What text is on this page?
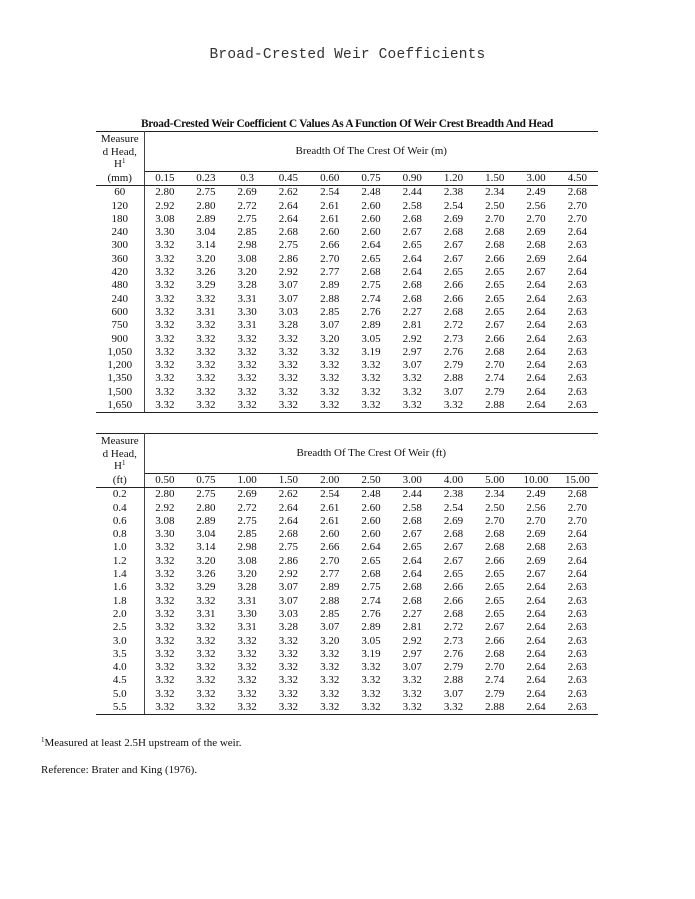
Broad-Crested Weir Coefficients
Broad-Crested Weir Coefficient C Values As A Function Of Weir Crest Breadth And Head
Measure
d Head,
$H^1$	Breadth Of The Crest Of Weir (m)										
(mm)	0.15	0.23	0.3	0.45	0.60	0.75	0.90	1.20	1.50	3.00	4.50
60	2.80	2.75	2.69	2.62	2.54	2.48	2.44	2.38	2.34	2.49	2.68
120	2.92	2.80	2.72	2.64	2.61	2.60	2.58	2.54	2.50	2.56	2.70
180	3.08	2.89	2.75	2.64	2.61	2.60	2.68	2.69	2.70	2.70	2.70
240	3.30	3.04	2.85	2.68	2.60	2.60	2.67	2.68	2.68	2.69	2.64
300	3.32	3.14	2.98	2.75	2.66	2.64	2.65	2.67	2.68	2.68	2.63
360	3.32	3.20	3.08	2.86	2.70	2.65	2.64	2.67	2.66	2.69	2.64
420	3.32	3.26	3.20	2.92	2.77	2.68	2.64	2.65	2.65	2.67	2.64
480	3.32	3.29	3.28	3.07	2.89	2.75	2.68	2.66	2.65	2.64	2.63
240	3.32	3.32	3.31	3.07	2.88	2.74	2.68	2.66	2.65	2.64	2.63
600	3.32	3.31	3.30	3.03	2.85	2.76	2.27	2.68	2.65	2.64	2.63
750	3.32	3.32	3.31	3.28	3.07	2.89	2.81	2.72	2.67	2.64	2.63
900	3.32	3.32	3.32	3.32	3.20	3.05	2.92	2.73	2.66	2.64	2.63
1,050	3.32	3.32	3.32	3.32	3.32	3.19	2.97	2.76	2.68	2.64	2.63
1,200	3.32	3.32	3.32	3.32	3.32	3.32	3.07	2.79	2.70	2.64	2.63
1,350	3.32	3.32	3.32	3.32	3.32	3.32	3.32	2.88	2.74	2.64	2.63
1,500	3.32	3.32	3.32	3.32	3.32	3.32	3.32	3.07	2.79	2.64	2.63
1,650	3.32	3.32	3.32	3.32	3.32	3.32	3.32	3.32	2.88	2.64	2.63
Measure
d Head,
$H^1$	Breadth Of The Crest Of Weir (ft)										
(ft)	0.50	0.75	1.00	1.50	2.00	2.50	3.00	4.00	5.00	10.00	15.00
0.2	2.80	2.75	2.69	2.62	2.54	2.48	2.44	2.38	2.34	2.49	2.68
0.4	2.92	2.80	2.72	2.64	2.61	2.60	2.58	2.54	2.50	2.56	2.70
0.6	3.08	2.89	2.75	2.64	2.61	2.60	2.68	2.69	2.70	2.70	2.70
0.8	3.30	3.04	2.85	2.68	2.60	2.60	2.67	2.68	2.68	2.69	2.64
1.0	3.32	3.14	2.98	2.75	2.66	2.64	2.65	2.67	2.68	2.68	2.63
1.2	3.32	3.20	3.08	2.86	2.70	2.65	2.64	2.67	2.66	2.69	2.64
1.4	3.32	3.26	3.20	2.92	2.77	2.68	2.64	2.65	2.65	2.67	2.64
1.6	3.32	3.29	3.28	3.07	2.89	2.75	2.68	2.66	2.65	2.64	2.63
1.8	3.32	3.32	3.31	3.07	2.88	2.74	2.68	2.66	2.65	2.64	2.63
2.0	3.32	3.31	3.30	3.03	2.85	2.76	2.27	2.68	2.65	2.64	2.63
2.5	3.32	3.32	3.31	3.28	3.07	2.89	2.81	2.72	2.67	2.64	2.63
3.0	3.32	3.32	3.32	3.32	3.20	3.05	2.92	2.73	2.66	2.64	2.63
3.5	3.32	3.32	3.32	3.32	3.32	3.19	2.97	2.76	2.68	2.64	2.63
4.0	3.32	3.32	3.32	3.32	3.32	3.32	3.07	2.79	2.70	2.64	2.63
4.5	3.32	3.32	3.32	3.32	3.32	3.32	3.32	2.88	2.74	2.64	2.63
5.0	3.32	3.32	3.32	3.32	3.32	3.32	3.32	3.07	2.79	2.64	2.63
5.5	3.32	3.32	3.32	3.32	3.32	3.32	3.32	3.32	2.88	2.64	2.63
$^1$Measured at least 2.5H upstream of the weir.
Reference: Brater and King (1976).
